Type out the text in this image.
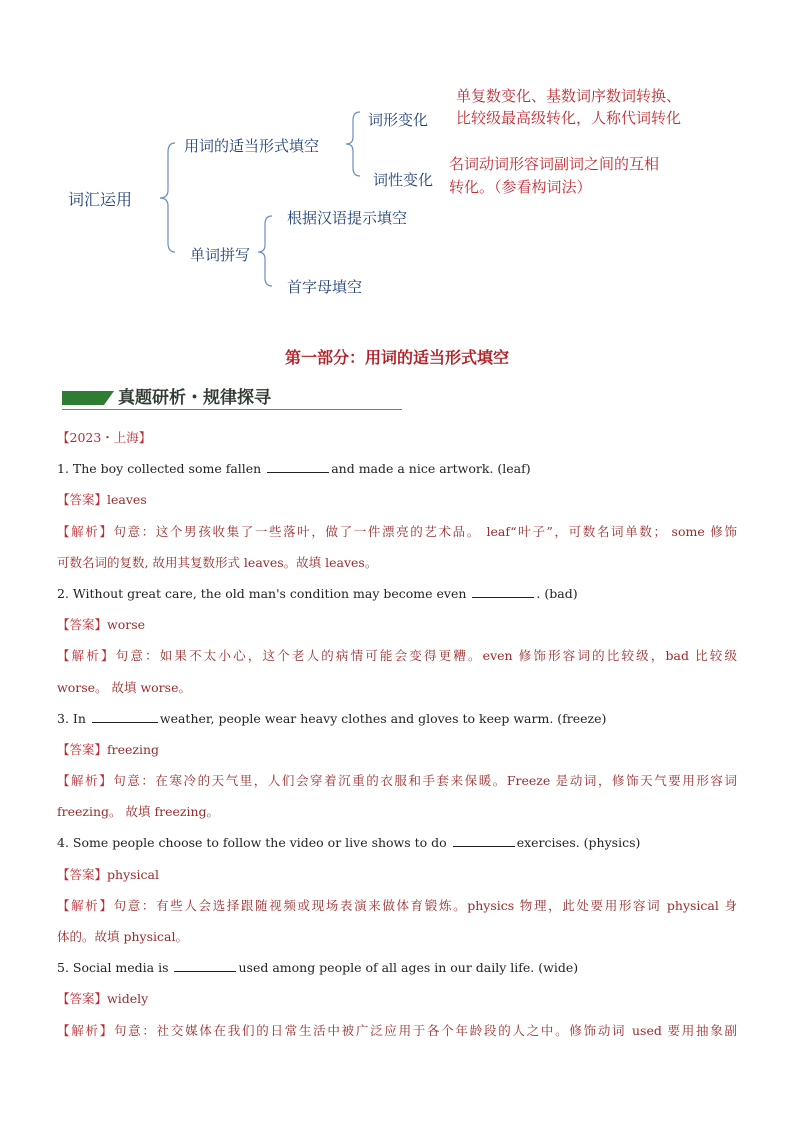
词汇运用
用词的适当形式填空
词形变化
词性变化
单复数变化、基数词序数词转换、
比较级最高级转化，人称代词转化
名词动词形容词副词之间的互相
转化。（参看构词法）
单词拼写
根据汉语提示填空
首字母填空
第一部分：用词的适当形式填空
真题研析・规律探寻
【2023・上海】
1. The boy collected some fallen	and made a nice artwork. (leaf)
【答案】leaves
【解析】句意：这个男孩收集了一些落叶，做了一件漂亮的艺术品。 leaf“叶子”，可数名词单数； some 修饰
可数名词的复数, 故用其复数形式 leaves。故填 leaves。
2. Without great care, the old man's condition may become even	. (bad)
【答案】worse
【解析】句意：如果不太小心，这个老人的病情可能会变得更糟。even 修饰形容词的比较级，bad 比较级
worse。 故填 worse。
3. In	weather, people wear heavy clothes and gloves to keep warm. (freeze)
【答案】freezing
【解析】句意：在寒冷的天气里，人们会穿着沉重的衣服和手套来保暖。Freeze 是动词，修饰天气要用形容词
freezing。 故填 freezing。
4. Some people choose to follow the video or live shows to do	exercises. (physics)
【答案】physical
【解析】句意：有些人会选择跟随视频或现场表演来做体育锻炼。physics 物理，此处要用形容词 physical 身
体的。故填 physical。
5. Social media is	used among people of all ages in our daily life. (wide)
【答案】widely
【解析】句意：社交媒体在我们的日常生活中被广泛应用于各个年龄段的人之中。修饰动词 used 要用抽象副
